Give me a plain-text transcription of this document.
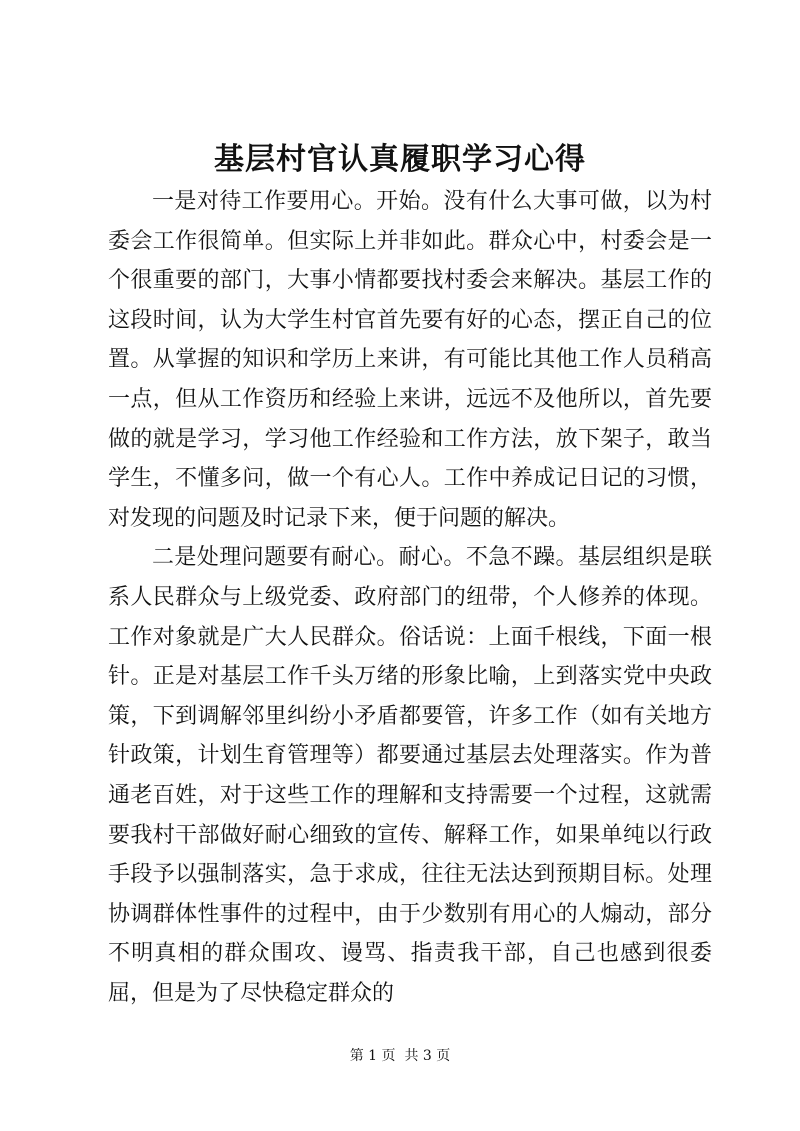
基层村官认真履职学习心得

一是对待工作要用心。开始。没有什么大事可做，以为村委会工作很简单。但实际上并非如此。群众心中，村委会是一个很重要的部门，大事小情都要找村委会来解决。基层工作的这段时间，认为大学生村官首先要有好的心态，摆正自己的位置。从掌握的知识和学历上来讲，有可能比其他工作人员稍高一点，但从工作资历和经验上来讲，远远不及他所以，首先要做的就是学习，学习他工作经验和工作方法，放下架子，敢当学生，不懂多问，做一个有心人。工作中养成记日记的习惯，对发现的问题及时记录下来，便于问题的解决。

二是处理问题要有耐心。耐心。不急不躁。基层组织是联系人民群众与上级党委、政府部门的纽带，个人修养的体现。工作对象就是广大人民群众。俗话说：上面千根线，下面一根针。正是对基层工作千头万绪的形象比喻，上到落实党中央政策，下到调解邻里纠纷小矛盾都要管，许多工作（如有关地方针政策，计划生育管理等）都要通过基层去处理落实。作为普通老百姓，对于这些工作的理解和支持需要一个过程，这就需要我村干部做好耐心细致的宣传、解释工作，如果单纯以行政手段予以强制落实，急于求成，往往无法达到预期目标。处理协调群体性事件的过程中，由于少数别有用心的人煽动，部分不明真相的群众围攻、谩骂、指责我干部，自己也感到很委屈，但是为了尽快稳定群众的

第 1 页  共 3 页
